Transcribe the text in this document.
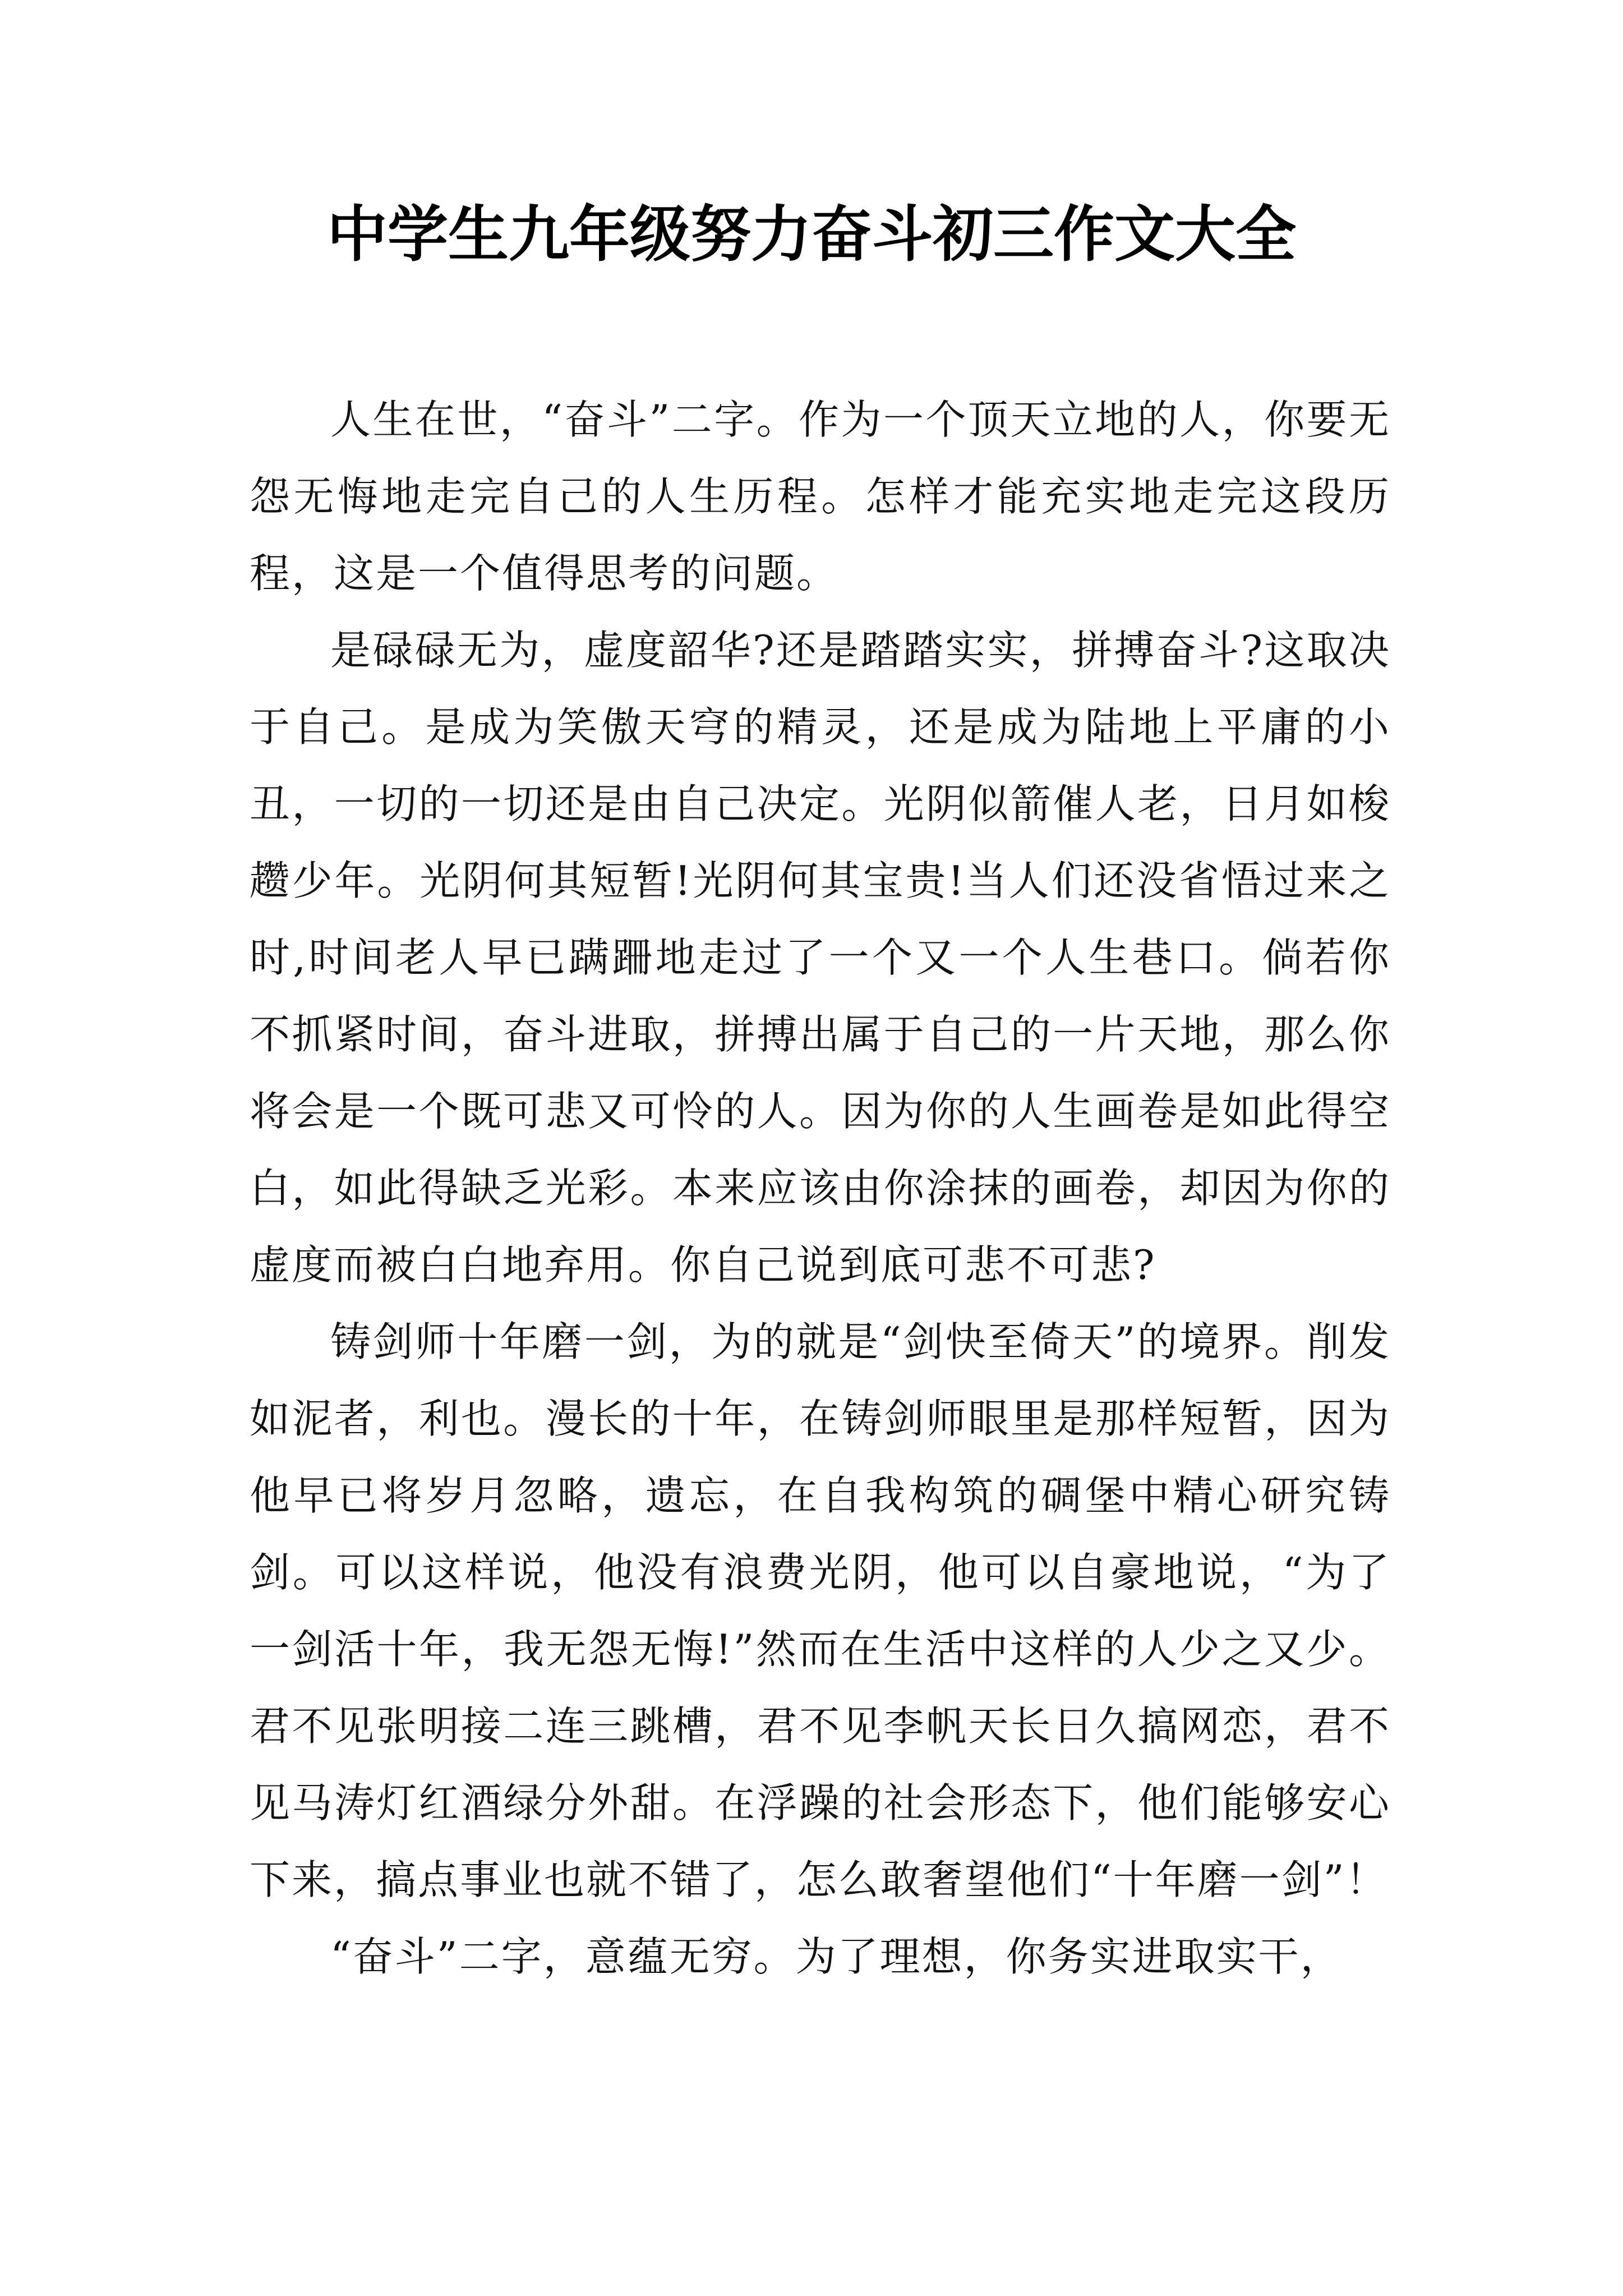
中学生九年级努力奋斗初三作文大全

人生在世，“奋斗”二字。作为一个顶天立地的人，你要无怨无悔地走完自己的人生历程。怎样才能充实地走完这段历程，这是一个值得思考的问题。

是碌碌无为，虚度韶华?还是踏踏实实，拼搏奋斗?这取决于自己。是成为笑傲天穹的精灵，还是成为陆地上平庸的小丑，一切的一切还是由自己决定。光阴似箭催人老，日月如梭趱少年。光阴何其短暂!光阴何其宝贵!当人们还没省悟过来之时,时间老人早已蹒跚地走过了一个又一个人生巷口。倘若你不抓紧时间，奋斗进取，拼搏出属于自己的一片天地，那么你将会是一个既可悲又可怜的人。因为你的人生画卷是如此得空白，如此得缺乏光彩。本来应该由你涂抹的画卷，却因为你的虚度而被白白地弃用。你自己说到底可悲不可悲?

铸剑师十年磨一剑，为的就是“剑快至倚天”的境界。削发如泥者，利也。漫长的十年，在铸剑师眼里是那样短暂，因为他早已将岁月忽略，遗忘，在自我构筑的碉堡中精心研究铸剑。可以这样说，他没有浪费光阴，他可以自豪地说，“为了一剑活十年，我无怨无悔!”然而在生活中这样的人少之又少。君不见张明接二连三跳槽，君不见李帆天长日久搞网恋，君不见马涛灯红酒绿分外甜。在浮躁的社会形态下，他们能够安心下来，搞点事业也就不错了，怎么敢奢望他们“十年磨一剑”！

“奋斗”二字，意蕴无穷。为了理想，你务实进取实干，
